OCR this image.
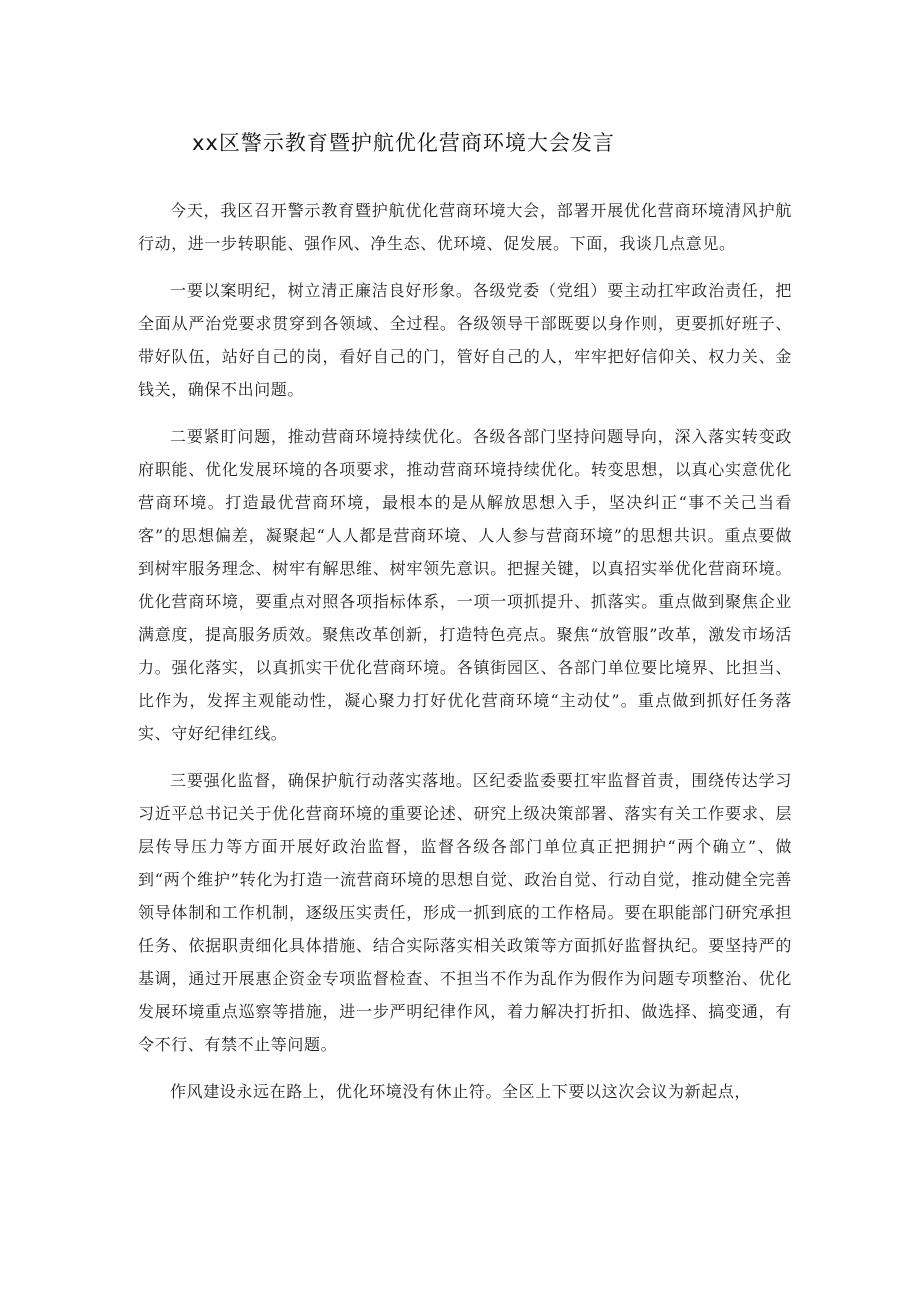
xx区警示教育暨护航优化营商环境大会发言

今天，我区召开警示教育暨护航优化营商环境大会，部署开展优化营商环境清风护航行动，进一步转职能、强作风、净生态、优环境、促发展。下面，我谈几点意见。

一要以案明纪，树立清正廉洁良好形象。各级党委（党组）要主动扛牢政治责任，把全面从严治党要求贯穿到各领域、全过程。各级领导干部既要以身作则，更要抓好班子、带好队伍，站好自己的岗，看好自己的门，管好自己的人，牢牢把好信仰关、权力关、金钱关，确保不出问题。

二要紧盯问题，推动营商环境持续优化。各级各部门坚持问题导向，深入落实转变政府职能、优化发展环境的各项要求，推动营商环境持续优化。转变思想，以真心实意优化营商环境。打造最优营商环境，最根本的是从解放思想入手，坚决纠正“事不关己当看客”的思想偏差，凝聚起“人人都是营商环境、人人参与营商环境”的思想共识。重点要做到树牢服务理念、树牢有解思维、树牢领先意识。把握关键，以真招实举优化营商环境。优化营商环境，要重点对照各项指标体系，一项一项抓提升、抓落实。重点做到聚焦企业满意度，提高服务质效。聚焦改革创新，打造特色亮点。聚焦“放管服”改革，激发市场活力。强化落实，以真抓实干优化营商环境。各镇街园区、各部门单位要比境界、比担当、比作为，发挥主观能动性，凝心聚力打好优化营商环境“主动仗”。重点做到抓好任务落实、守好纪律红线。

三要强化监督，确保护航行动落实落地。区纪委监委要扛牢监督首责，围绕传达学习习近平总书记关于优化营商环境的重要论述、研究上级决策部署、落实有关工作要求、层层传导压力等方面开展好政治监督，监督各级各部门单位真正把拥护“两个确立”、做到“两个维护”转化为打造一流营商环境的思想自觉、政治自觉、行动自觉，推动健全完善领导体制和工作机制，逐级压实责任，形成一抓到底的工作格局。要在职能部门研究承担任务、依据职责细化具体措施、结合实际落实相关政策等方面抓好监督执纪。要坚持严的基调，通过开展惠企资金专项监督检查、不担当不作为乱作为假作为问题专项整治、优化发展环境重点巡察等措施，进一步严明纪律作风，着力解决打折扣、做选择、搞变通，有令不行、有禁不止等问题。

作风建设永远在路上，优化环境没有休止符。全区上下要以这次会议为新起点，
